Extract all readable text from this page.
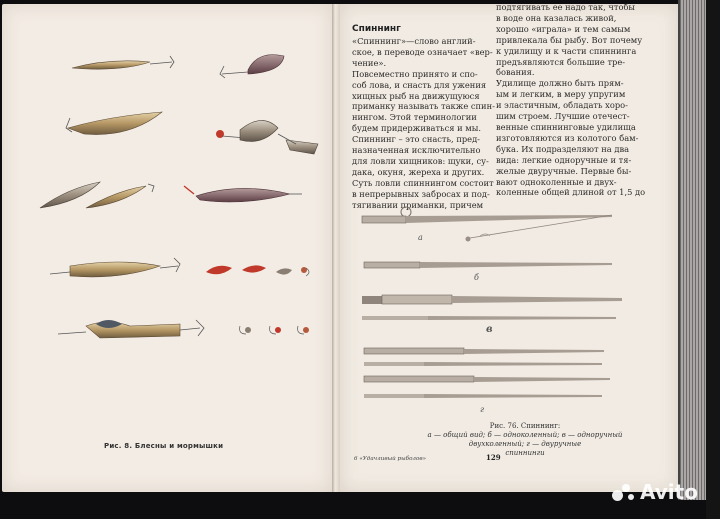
Рис. 8. Блесны и мормышки
Спиннинг

«Спиннинг»—слово англий-

ское, в переводе означает «вер-

чение».

Повсеместно принято и спо-

соб лова, и снасть для ужения

хищных рыб на движущуюся

приманку называть также спин-

нингом. Этой терминологии

будем придерживаться и мы.

Спиннинг – это снасть, пред-

назначенная исключительно

для ловли хищников: щуки, су-

дака, окуня, жереха и других.

Суть ловли спиннингом состоит

в непрерывных забросах и под-

тягивании приманки, причем

подтягивать ее надо так, чтобы

в воде она казалась живой,

хорошо «играла» и тем самым

привлекала бы рыбу. Вот почему

к удилищу и к части спиннинга

предъявляются большие тре-

бования.

Удилище должно быть прям-

ым и легким, в меру упругим

и эластичным, обладать хоро-

шим строем. Лучшие отечест-

венные спиннинговые удилища

изготовляются из колотого бам-

бука. Их подразделяют на два

вида: легкие одноручные и тя-

желые двуручные. Первые бы-

вают одноколенные и двух-

коленные общей длиной от 1,5 до

а
б
в
г

Рис. 76. Спиннинг:

а — общий вид; б — одноколенный; в — одноручный двухколенный; г — двуручные

спиннинги

6 «Удачливый рыболов»	129
Avito
